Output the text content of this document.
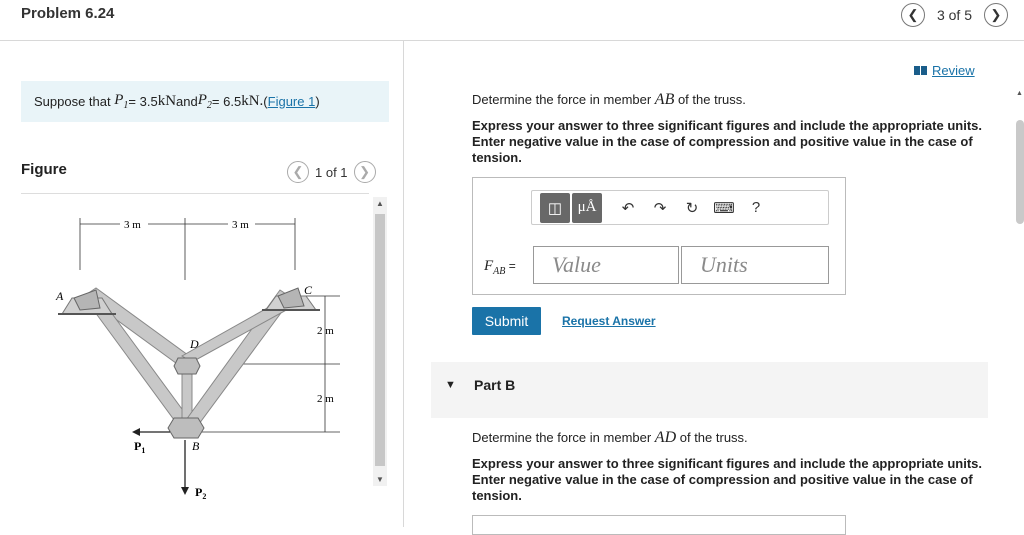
Problem 6.24	❮ 3 of 5 ❯
Suppose that
$P_1 = 3.5$ kN and $P_2 = 6.5$ kN. ( Figure 1 )
Figure	❮ 1 of 1 ❯
3 m	3 m
2 m
2 m
A	C
D
B
$P_1$
$P_2$
▲
▼
Review
Determine the force in member AB of the truss.
Express your answer to three significant figures and include the appropriate units. Enter negative value in the case of compression and positive value in the case of tension.
◫ μÅ ↶ ↷ ↻ ⌨ ?
$F_{AB}$ =	Value	Units
Submit	Request Answer
▼ Part B
Determine the force in member AD of the truss.
Express your answer to three significant figures and include the appropriate units. Enter negative value in the case of compression and positive value in the case of tension.
▲
